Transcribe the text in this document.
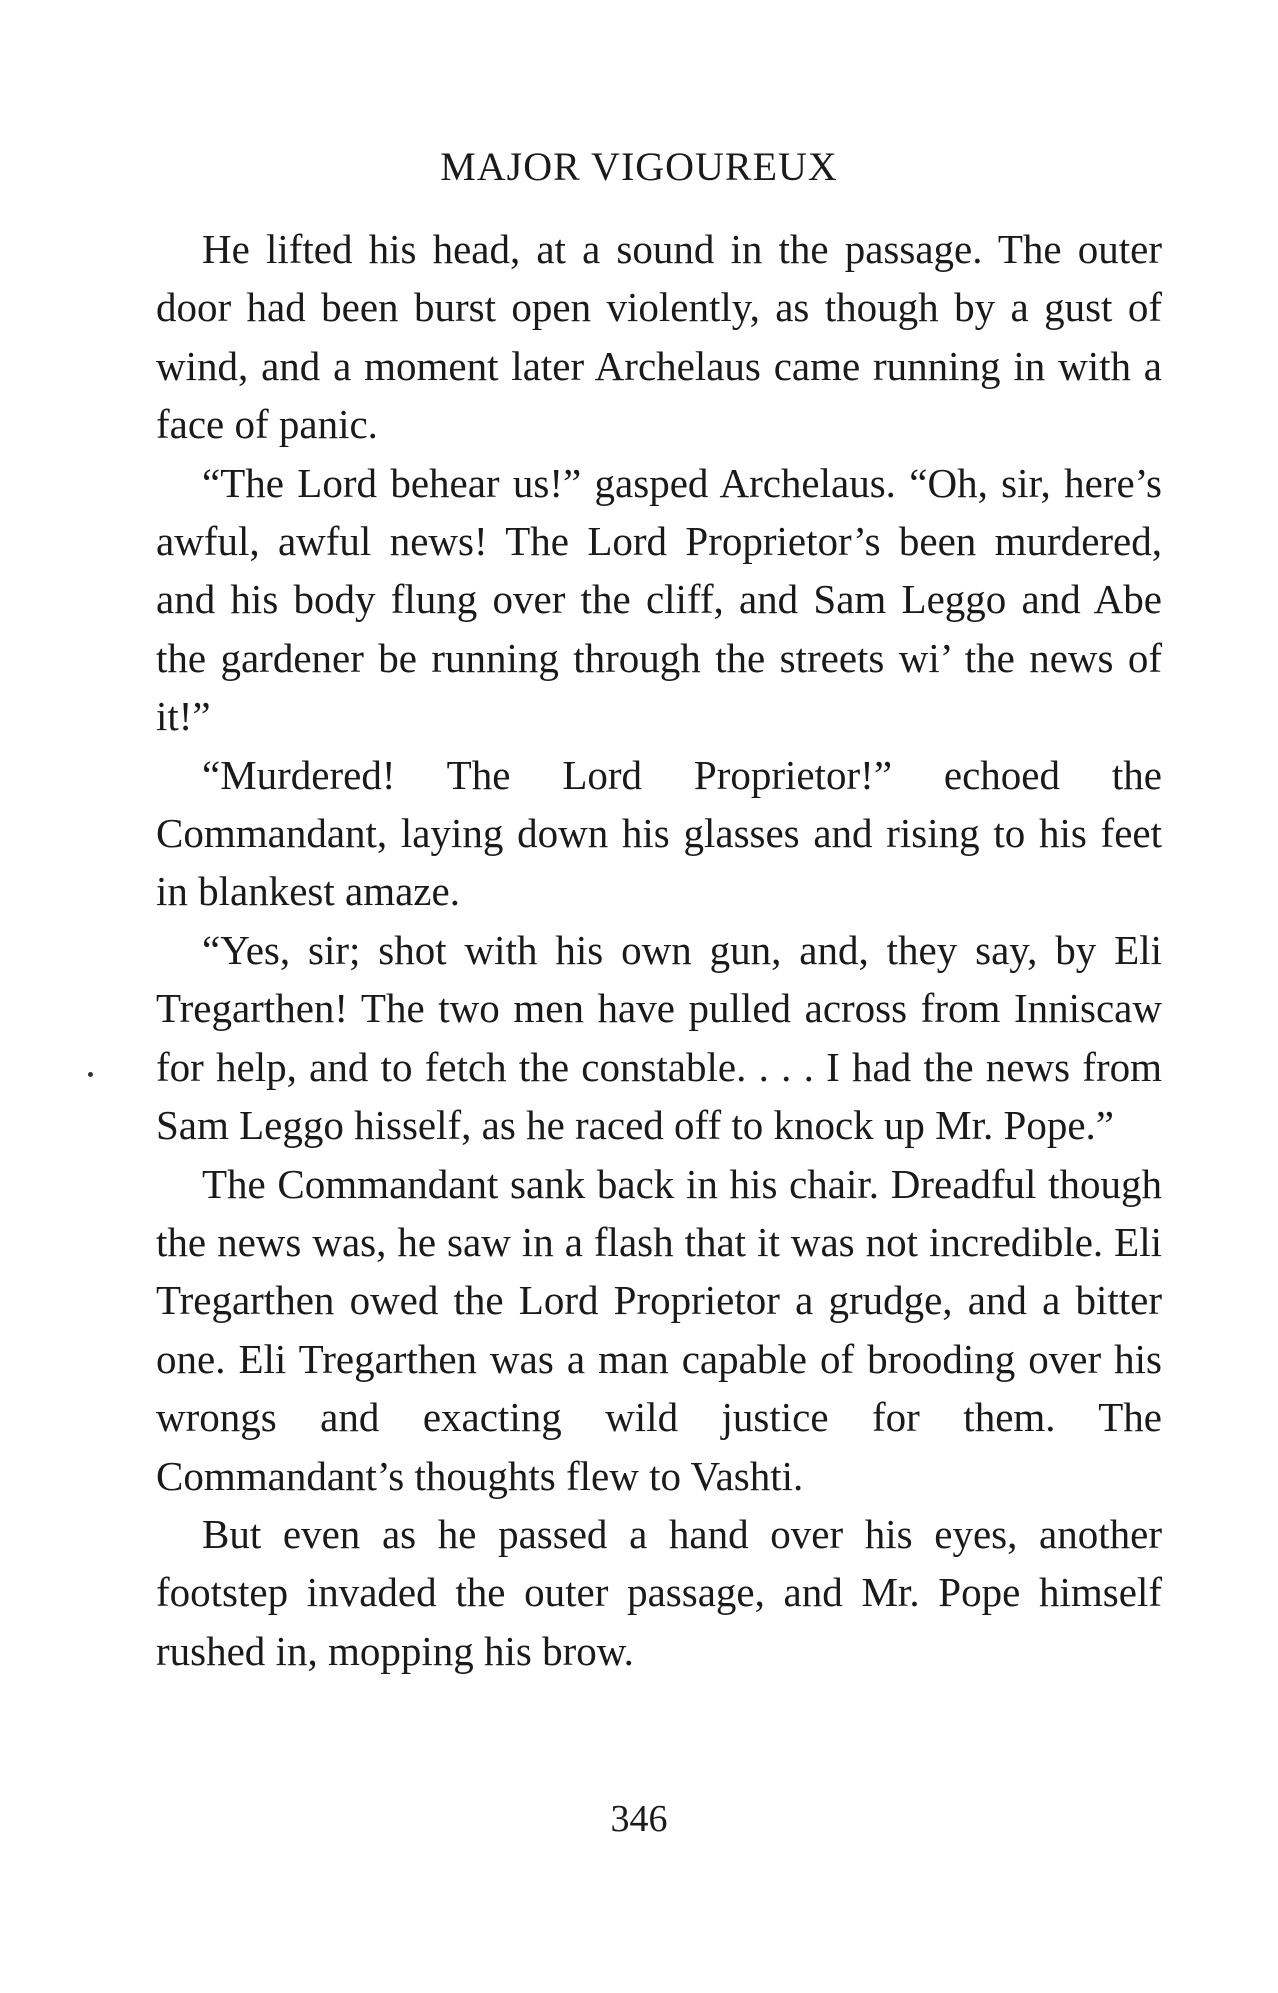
MAJOR VIGOUREUX

He lifted his head, at a sound in the passage. The outer door had been burst open violently, as though by a gust of wind, and a moment later Archelaus came running in with a face of panic.

“The Lord behear us!” gasped Archelaus. “Oh, sir, here’s awful, awful news! The Lord Proprietor’s been murdered, and his body flung over the cliff, and Sam Leggo and Abe the gardener be running through the streets wi’ the news of it!”

“Murdered! The Lord Proprietor!” echoed the Commandant, laying down his glasses and rising to his feet in blankest amaze.

“Yes, sir; shot with his own gun, and, they say, by Eli Tregarthen! The two men have pulled across from Inniscaw for help, and to fetch the constable. . . . I had the news from Sam Leggo hisself, as he raced off to knock up Mr. Pope.”

The Commandant sank back in his chair. Dreadful though the news was, he saw in a flash that it was not incredible. Eli Tregarthen owed the Lord Proprietor a grudge, and a bitter one. Eli Tregarthen was a man capable of brooding over his wrongs and exacting wild justice for them. The Commandant’s thoughts flew to Vashti.

But even as he passed a hand over his eyes, another footstep invaded the outer passage, and Mr. Pope himself rushed in, mopping his brow.

346
